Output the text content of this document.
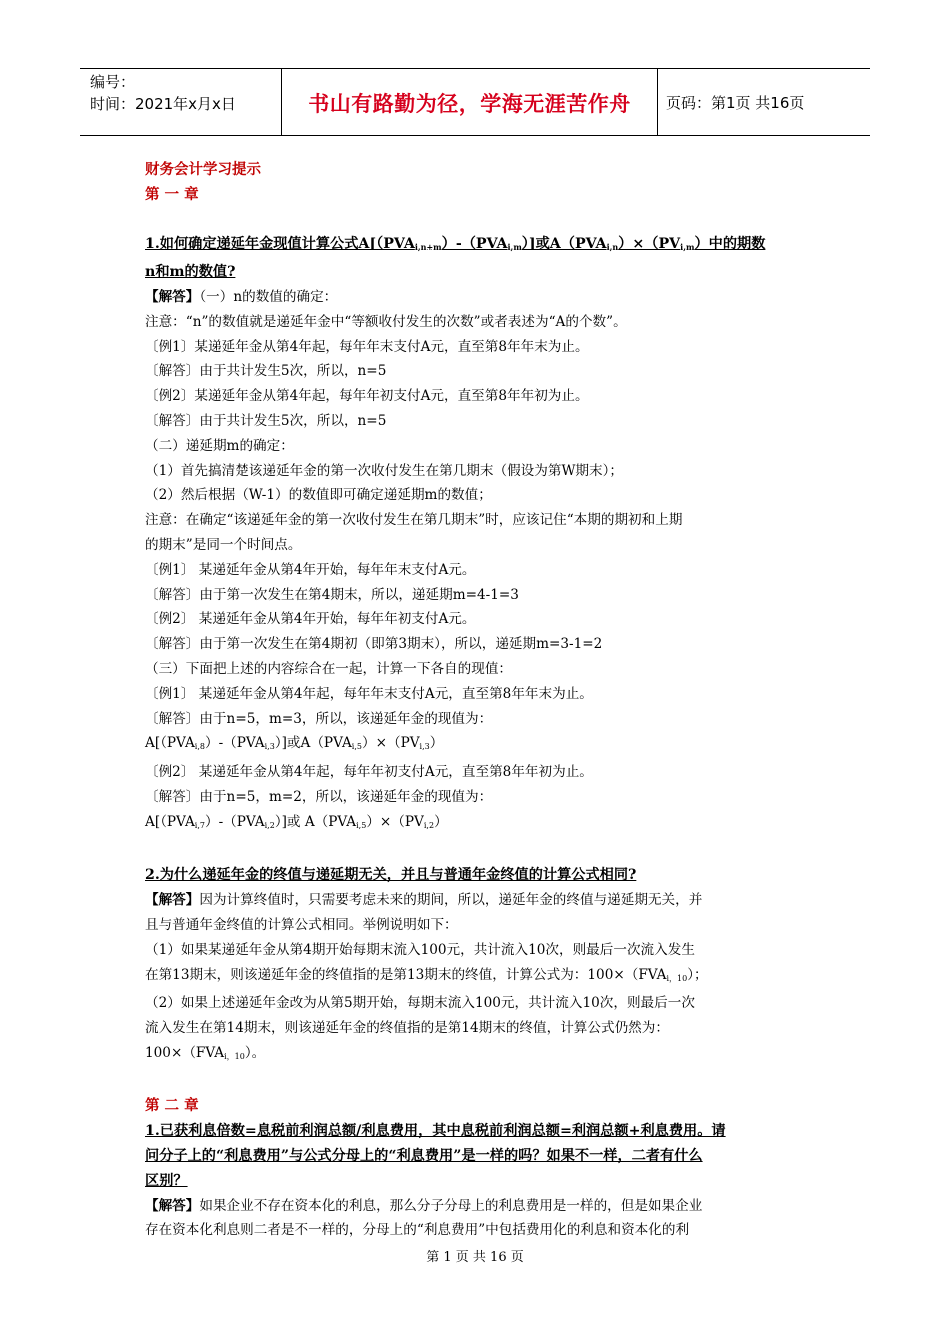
编号：
时间：2021年x月x日	书山有路勤为径，学海无涯苦作舟 页码：第1页 共16页
财务会计学习提示
第 一 章
1.如何确定递延年金现值计算公式$A[(PVA_{i,n+m})-(PVA_{i,m})]$或$A(PVA_{i,n})\times(PV_{i,m})$中的期数
n和m的数值?
【解答】（一）n的数值的确定：
注意：“n”的数值就是递延年金中“等额收付发生的次数”或者表述为“A的个数”。
〔例1〕某递延年金从第4年起，每年年末支付A元，直至第8年年末为止。
〔解答〕由于共计发生5次，所以，n=5
〔例2〕某递延年金从第4年起，每年年初支付A元，直至第8年年初为止。
〔解答〕由于共计发生5次，所以，n=5
（二）递延期m的确定：
（1）首先搞清楚该递延年金的第一次收付发生在第几期末（假设为第W期末）；
（2）然后根据（W-1）的数值即可确定递延期m的数值；
注意：在确定“该递延年金的第一次收付发生在第几期末”时，应该记住“本期的期初和上期
的期末”是同一个时间点。
〔例1〕 某递延年金从第4年开始，每年年末支付A元。
〔解答〕由于第一次发生在第4期末，所以，递延期m=4-1=3
〔例2〕 某递延年金从第4年开始，每年年初支付A元。
〔解答〕由于第一次发生在第4期初（即第3期末），所以，递延期m=3-1=2
（三）下面把上述的内容综合在一起，计算一下各自的现值：
〔例1〕 某递延年金从第4年起，每年年末支付A元，直至第8年年末为止。
〔解答〕由于n=5，m=3，所以，该递延年金的现值为：
$A[(PVA_{i,8})-(PVA_{i,3})]$或$A(PVA_{i,5})\times(PV_{i,3})$
〔例2〕 某递延年金从第4年起，每年年初支付A元，直至第8年年初为止。
〔解答〕由于n=5，m=2，所以，该递延年金的现值为：
$A[(PVA_{i,7})-(PVA_{i,2})]$或 $A(PVA_{i,5})\times(PV_{i,2})$
2.为什么递延年金的终值与递延期无关，并且与普通年金终值的计算公式相同?
【解答】因为计算终值时，只需要考虑未来的期间，所以，递延年金的终值与递延期无关，并
且与普通年金终值的计算公式相同。举例说明如下：
（1）如果某递延年金从第4期开始每期末流入100元，共计流入10次，则最后一次流入发生
在第13期末，则该递延年金的终值指的是第13期末的终值，计算公式为：$100\times(FVA_{i,10})$；
（2）如果上述递延年金改为从第5期开始，每期末流入100元，共计流入10次，则最后一次
流入发生在第14期末，则该递延年金的终值指的是第14期末的终值，计算公式仍然为：
$100\times(FVA_{i,10})$。
第 二 章
1.已获利息倍数=息税前利润总额/利息费用，其中息税前利润总额=利润总额+利息费用。请
问分子上的“利息费用”与公式分母上的“利息费用”是一样的吗？如果不一样，二者有什么
区别？
【解答】如果企业不存在资本化的利息，那么分子分母上的利息费用是一样的，但是如果企业
存在资本化利息则二者是不一样的，分母上的“利息费用”中包括费用化的利息和资本化的利
第 1 页 共 16 页
